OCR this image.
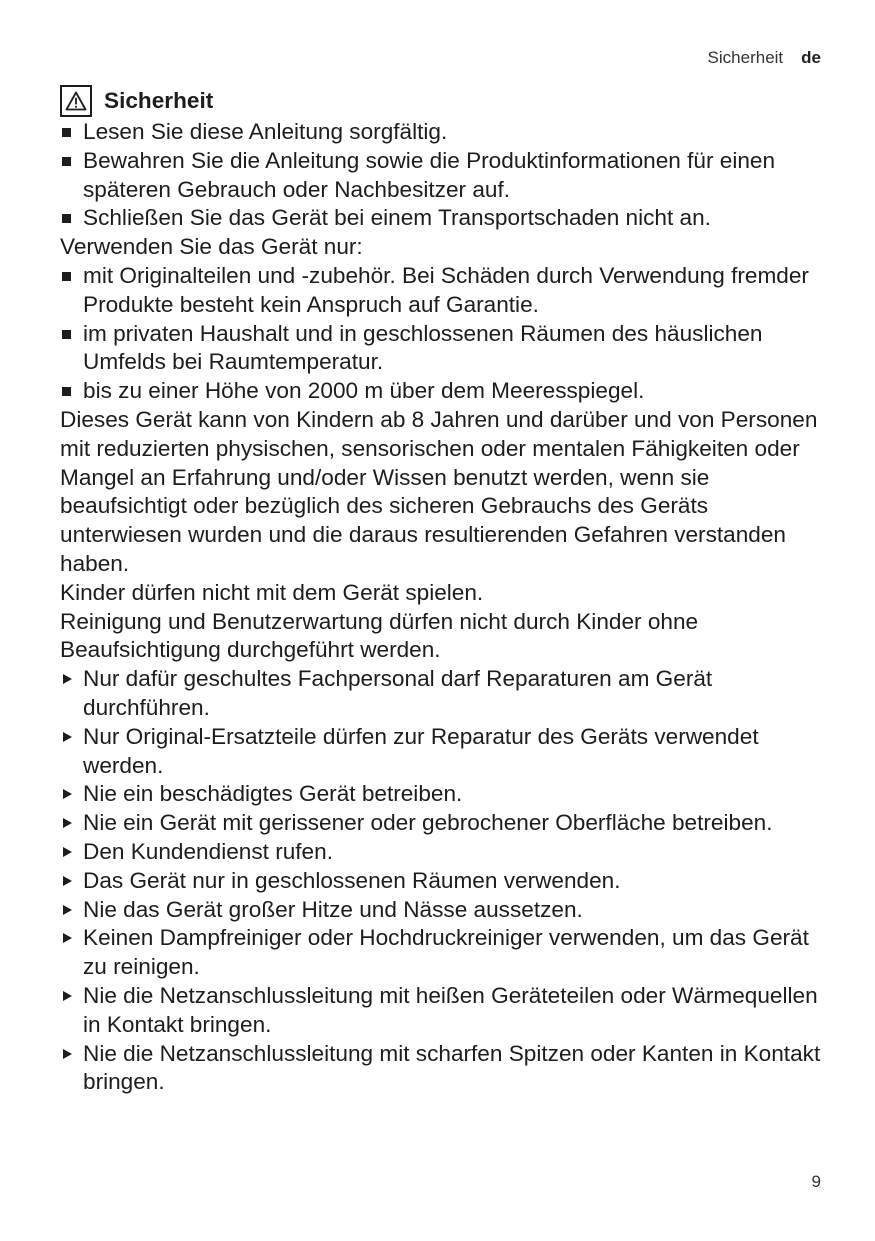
Sicherheit de
Sicherheit
Lesen Sie diese Anleitung sorgfältig.
Bewahren Sie die Anleitung sowie die Produktinformationen für einen späteren Gebrauch oder Nachbesitzer auf.
Schließen Sie das Gerät bei einem Transportschaden nicht an.

Verwenden Sie das Gerät nur:

mit Originalteilen und -zubehör. Bei Schäden durch Verwendung fremder Produkte besteht kein Anspruch auf Garantie.
im privaten Haushalt und in geschlossenen Räumen des häuslichen Umfelds bei Raumtemperatur.
bis zu einer Höhe von 2000 m über dem Meeresspiegel.

Dieses Gerät kann von Kindern ab 8 Jahren und darüber und von Personen mit reduzierten physischen, sensorischen oder mentalen Fähigkeiten oder Mangel an Erfahrung und/oder Wissen benutzt werden, wenn sie beaufsichtigt oder bezüglich des sicheren Gebrauchs des Geräts unterwiesen wurden und die daraus resultierenden Gefahren verstanden haben.

Kinder dürfen nicht mit dem Gerät spielen.

Reinigung und Benutzerwartung dürfen nicht durch Kinder ohne Beaufsichtigung durchgeführt werden.

Nur dafür geschultes Fachpersonal darf Reparaturen am Gerät durchführen.
Nur Original-Ersatzteile dürfen zur Reparatur des Geräts verwendet werden.
Nie ein beschädigtes Gerät betreiben.
Nie ein Gerät mit gerissener oder gebrochener Oberfläche betreiben.
Den Kundendienst rufen.
Das Gerät nur in geschlossenen Räumen verwenden.
Nie das Gerät großer Hitze und Nässe aussetzen.
Keinen Dampfreiniger oder Hochdruckreiniger verwenden, um das Gerät zu reinigen.
Nie die Netzanschlussleitung mit heißen Geräteteilen oder Wärmequellen in Kontakt bringen.
Nie die Netzanschlussleitung mit scharfen Spitzen oder Kanten in Kontakt bringen.
9
